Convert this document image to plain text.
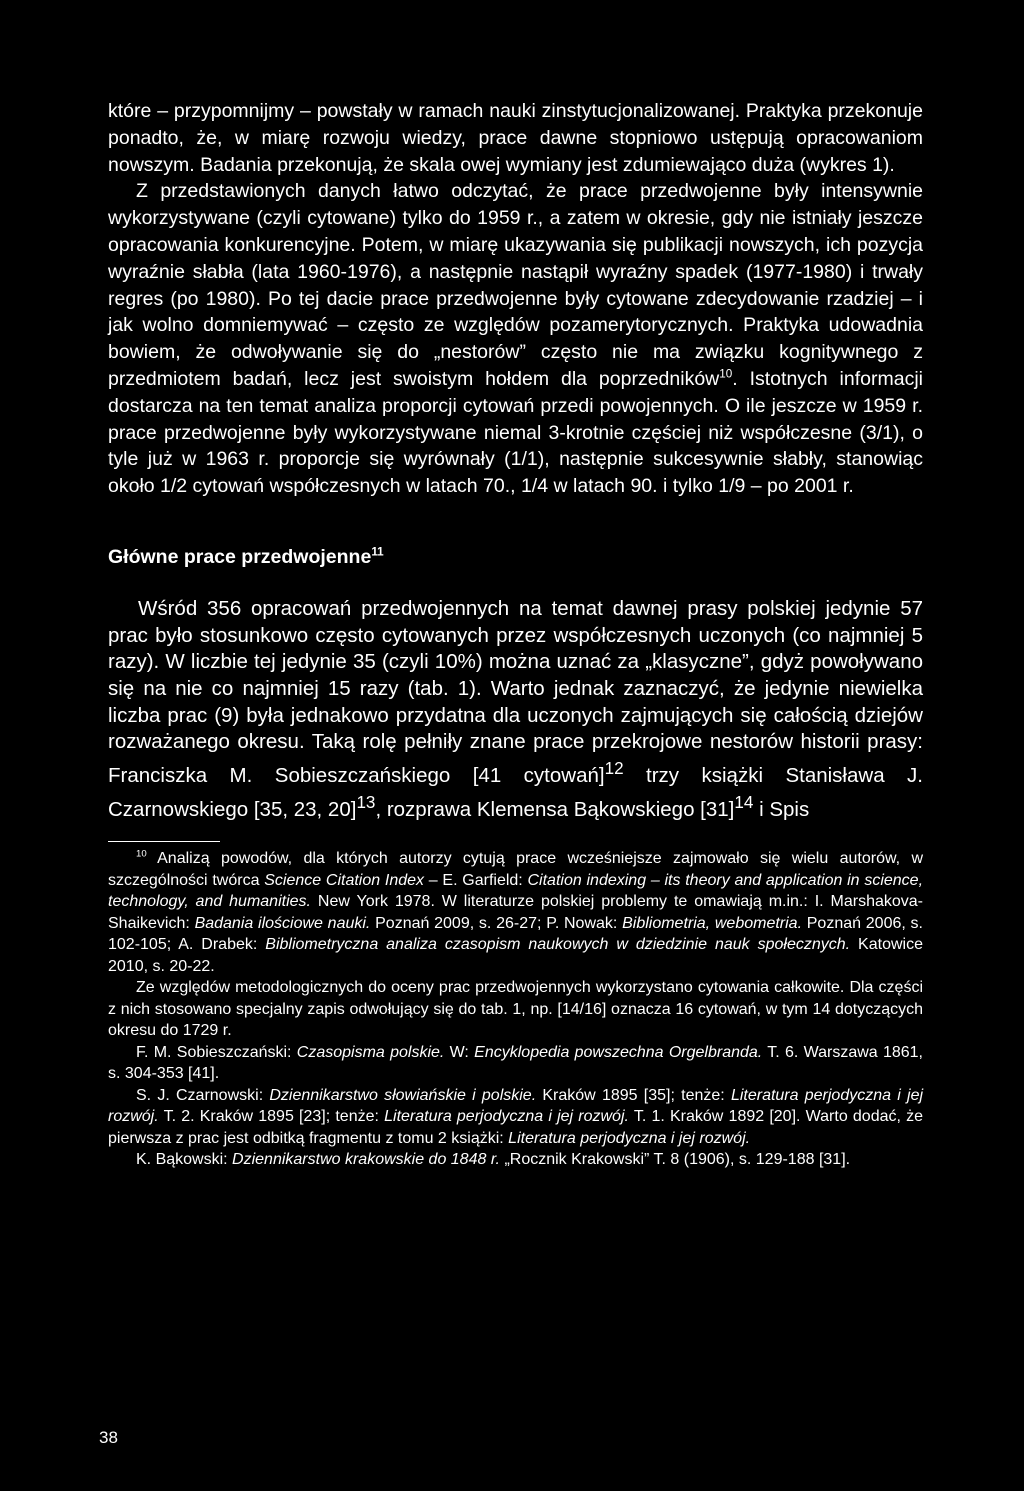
które – przypomnijmy – powstały w ramach nauki zinstytucjonalizowanej. Praktyka przekonuje ponadto, że, w miarę rozwoju wiedzy, prace dawne stopniowo ustępują opracowaniom nowszym. Badania przekonują, że skala owej wymiany jest zdumiewająco duża (wykres 1).

Z przedstawionych danych łatwo odczytać, że prace przedwojenne były intensywnie wykorzystywane (czyli cytowane) tylko do 1959 r., a zatem w okresie, gdy nie istniały jeszcze opracowania konkurencyjne. Potem, w miarę ukazywania się publikacji nowszych, ich pozycja wyraźnie słabła (lata 1960-1976), a następnie nastąpił wyraźny spadek (1977-1980) i trwały regres (po 1980). Po tej dacie prace przedwojenne były cytowane zdecydowanie rzadziej – i jak wolno domniemywać – często ze względów pozamerytorycznych. Praktyka udowadnia bowiem, że odwoływanie się do „nestorów” często nie ma związku kognitywnego z przedmiotem badań, lecz jest swoistym hołdem dla poprzedników$^{10}$. Istotnych informacji dostarcza na ten temat analiza proporcji cytowań przedi powojennych. O ile jeszcze w 1959 r. prace przedwojenne były wykorzystywane niemal 3-krotnie częściej niż współczesne (3/1), o tyle już w 1963 r. proporcje się wyrównały (1/1), następnie sukcesywnie słabły, stanowiąc około 1/2 cytowań współczesnych w latach 70., 1/4 w latach 90. i tylko 1/9 – po 2001 r.

Główne prace przedwojenne$^{11}$

Wśród 356 opracowań przedwojennych na temat dawnej prasy polskiej jedynie 57 prac było stosunkowo często cytowanych przez współczesnych uczonych (co najmniej 5 razy). W liczbie tej jedynie 35 (czyli 10%) można uznać za „klasyczne”, gdyż powoływano się na nie co najmniej 15 razy (tab. 1). Warto jednak zaznaczyć, że jedynie niewielka liczba prac (9) była jednakowo przydatna dla uczonych zajmujących się całością dziejów rozważanego okresu. Taką rolę pełniły znane prace przekrojowe nestorów historii prasy: Franciszka M. Sobieszczańskiego [41 cytowań]$^{12}$ trzy książki Stanisława J. Czarnowskiego [35, 23, 20]$^{13}$, rozprawa Klemensa Bąkowskiego $[31]^{14}$ i Spis

$^{10}$ Analizą powodów, dla których autorzy cytują prace wcześniejsze zajmowało się wielu autorów, w szczególności twórca Science Citation Index – E. Garfield: Citation indexing – its theory and application in science, technology, and humanities. New York 1978. W literaturze polskiej problemy te omawiają m.in.: I. Marshakova-Shaikevich: Badania ilościowe nauki. Poznań 2009, s. 26-27; P. Nowak: Bibliometria, webometria. Poznań 2006, s. 102-105; A. Drabek: Bibliometryczna analiza czasopism naukowych w dziedzinie nauk społecznych. Katowice 2010, s. 20-22.

Ze względów metodologicznych do oceny prac przedwojennych wykorzystano cytowania całkowite. Dla części z nich stosowano specjalny zapis odwołujący się do tab. 1, np. [14/16] oznacza 16 cytowań, w tym 14 dotyczących okresu do 1729 r.

F. M. Sobieszczański: Czasopisma polskie. W: Encyklopedia powszechna Orgelbranda. T. 6. Warszawa 1861, s. 304-353 [41].

S. J. Czarnowski: Dziennikarstwo słowiańskie i polskie. Kraków 1895 [35]; tenże: Literatura perjodyczna i jej rozwój. T. 2. Kraków 1895 [23]; tenże: Literatura perjodyczna i jej rozwój. T. 1. Kraków 1892 [20]. Warto dodać, że pierwsza z prac jest odbitką fragmentu z tomu 2 książki: Literatura perjodyczna i jej rozwój.

K. Bąkowski: Dziennikarstwo krakowskie do 1848 r. „Rocznik Krakowski” T. 8 (1906), s. 129-188 [31].

38
